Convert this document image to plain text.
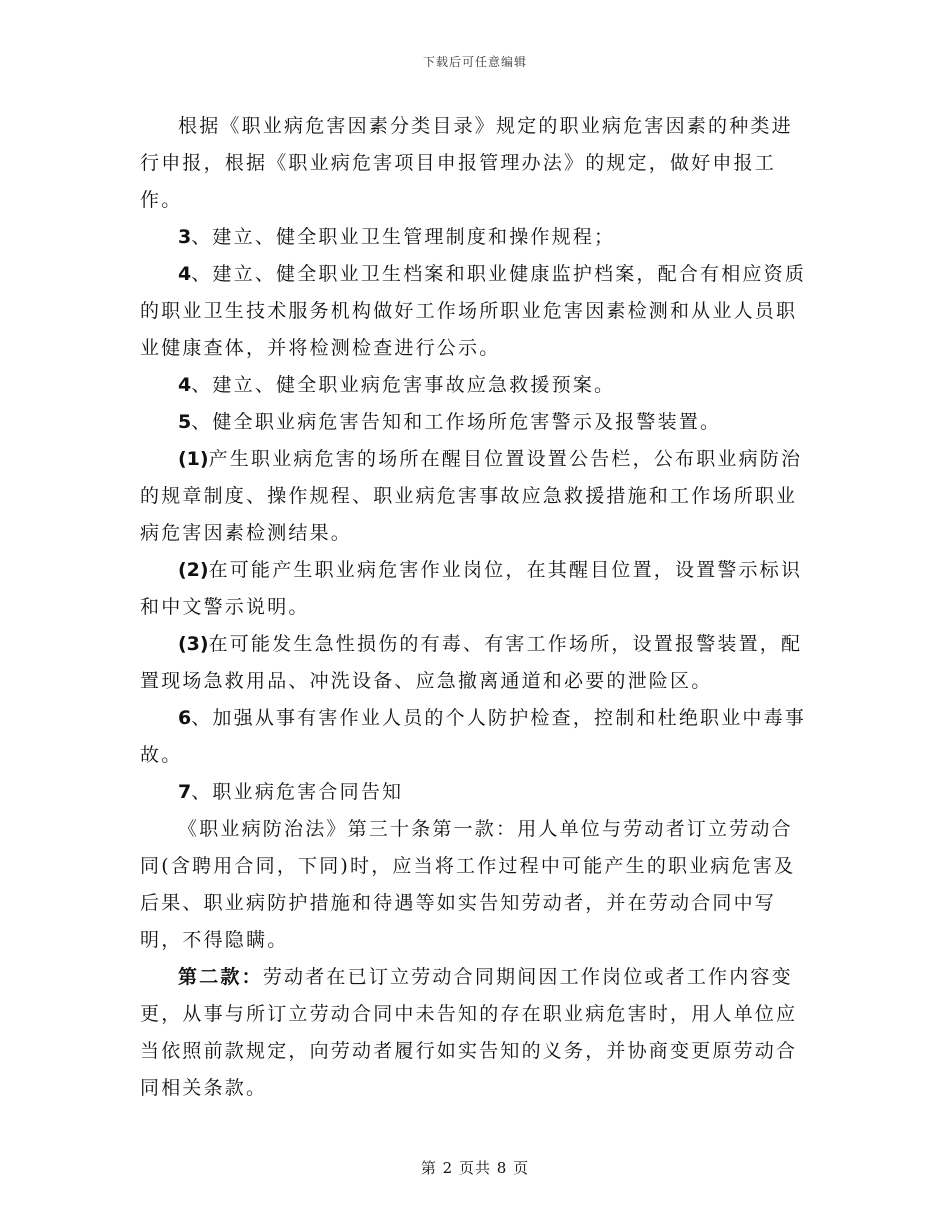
下载后可任意编辑

根据《职业病危害因素分类目录》规定的职业病危害因素的种类进行申报，根据《职业病危害项目申报管理办法》的规定，做好申报工作。

3、建立、健全职业卫生管理制度和操作规程；

4、建立、健全职业卫生档案和职业健康监护档案，配合有相应资质的职业卫生技术服务机构做好工作场所职业危害因素检测和从业人员职业健康查体，并将检测检查进行公示。

4、建立、健全职业病危害事故应急救援预案。

5、健全职业病危害告知和工作场所危害警示及报警装置。

(1)产生职业病危害的场所在醒目位置设置公告栏，公布职业病防治的规章制度、操作规程、职业病危害事故应急救援措施和工作场所职业病危害因素检测结果。

(2)在可能产生职业病危害作业岗位，在其醒目位置，设置警示标识和中文警示说明。

(3)在可能发生急性损伤的有毒、有害工作场所，设置报警装置，配置现场急救用品、冲洗设备、应急撤离通道和必要的泄险区。

6、加强从事有害作业人员的个人防护检查，控制和杜绝职业中毒事故。

7、职业病危害合同告知

《职业病防治法》第三十条第一款：用人单位与劳动者订立劳动合同(含聘用合同，下同)时，应当将工作过程中可能产生的职业病危害及后果、职业病防护措施和待遇等如实告知劳动者，并在劳动合同中写明，不得隐瞒。

第二款：劳动者在已订立劳动合同期间因工作岗位或者工作内容变更，从事与所订立劳动合同中未告知的存在职业病危害时，用人单位应当依照前款规定，向劳动者履行如实告知的义务，并协商变更原劳动合同相关条款。

第 2 页共 8 页
